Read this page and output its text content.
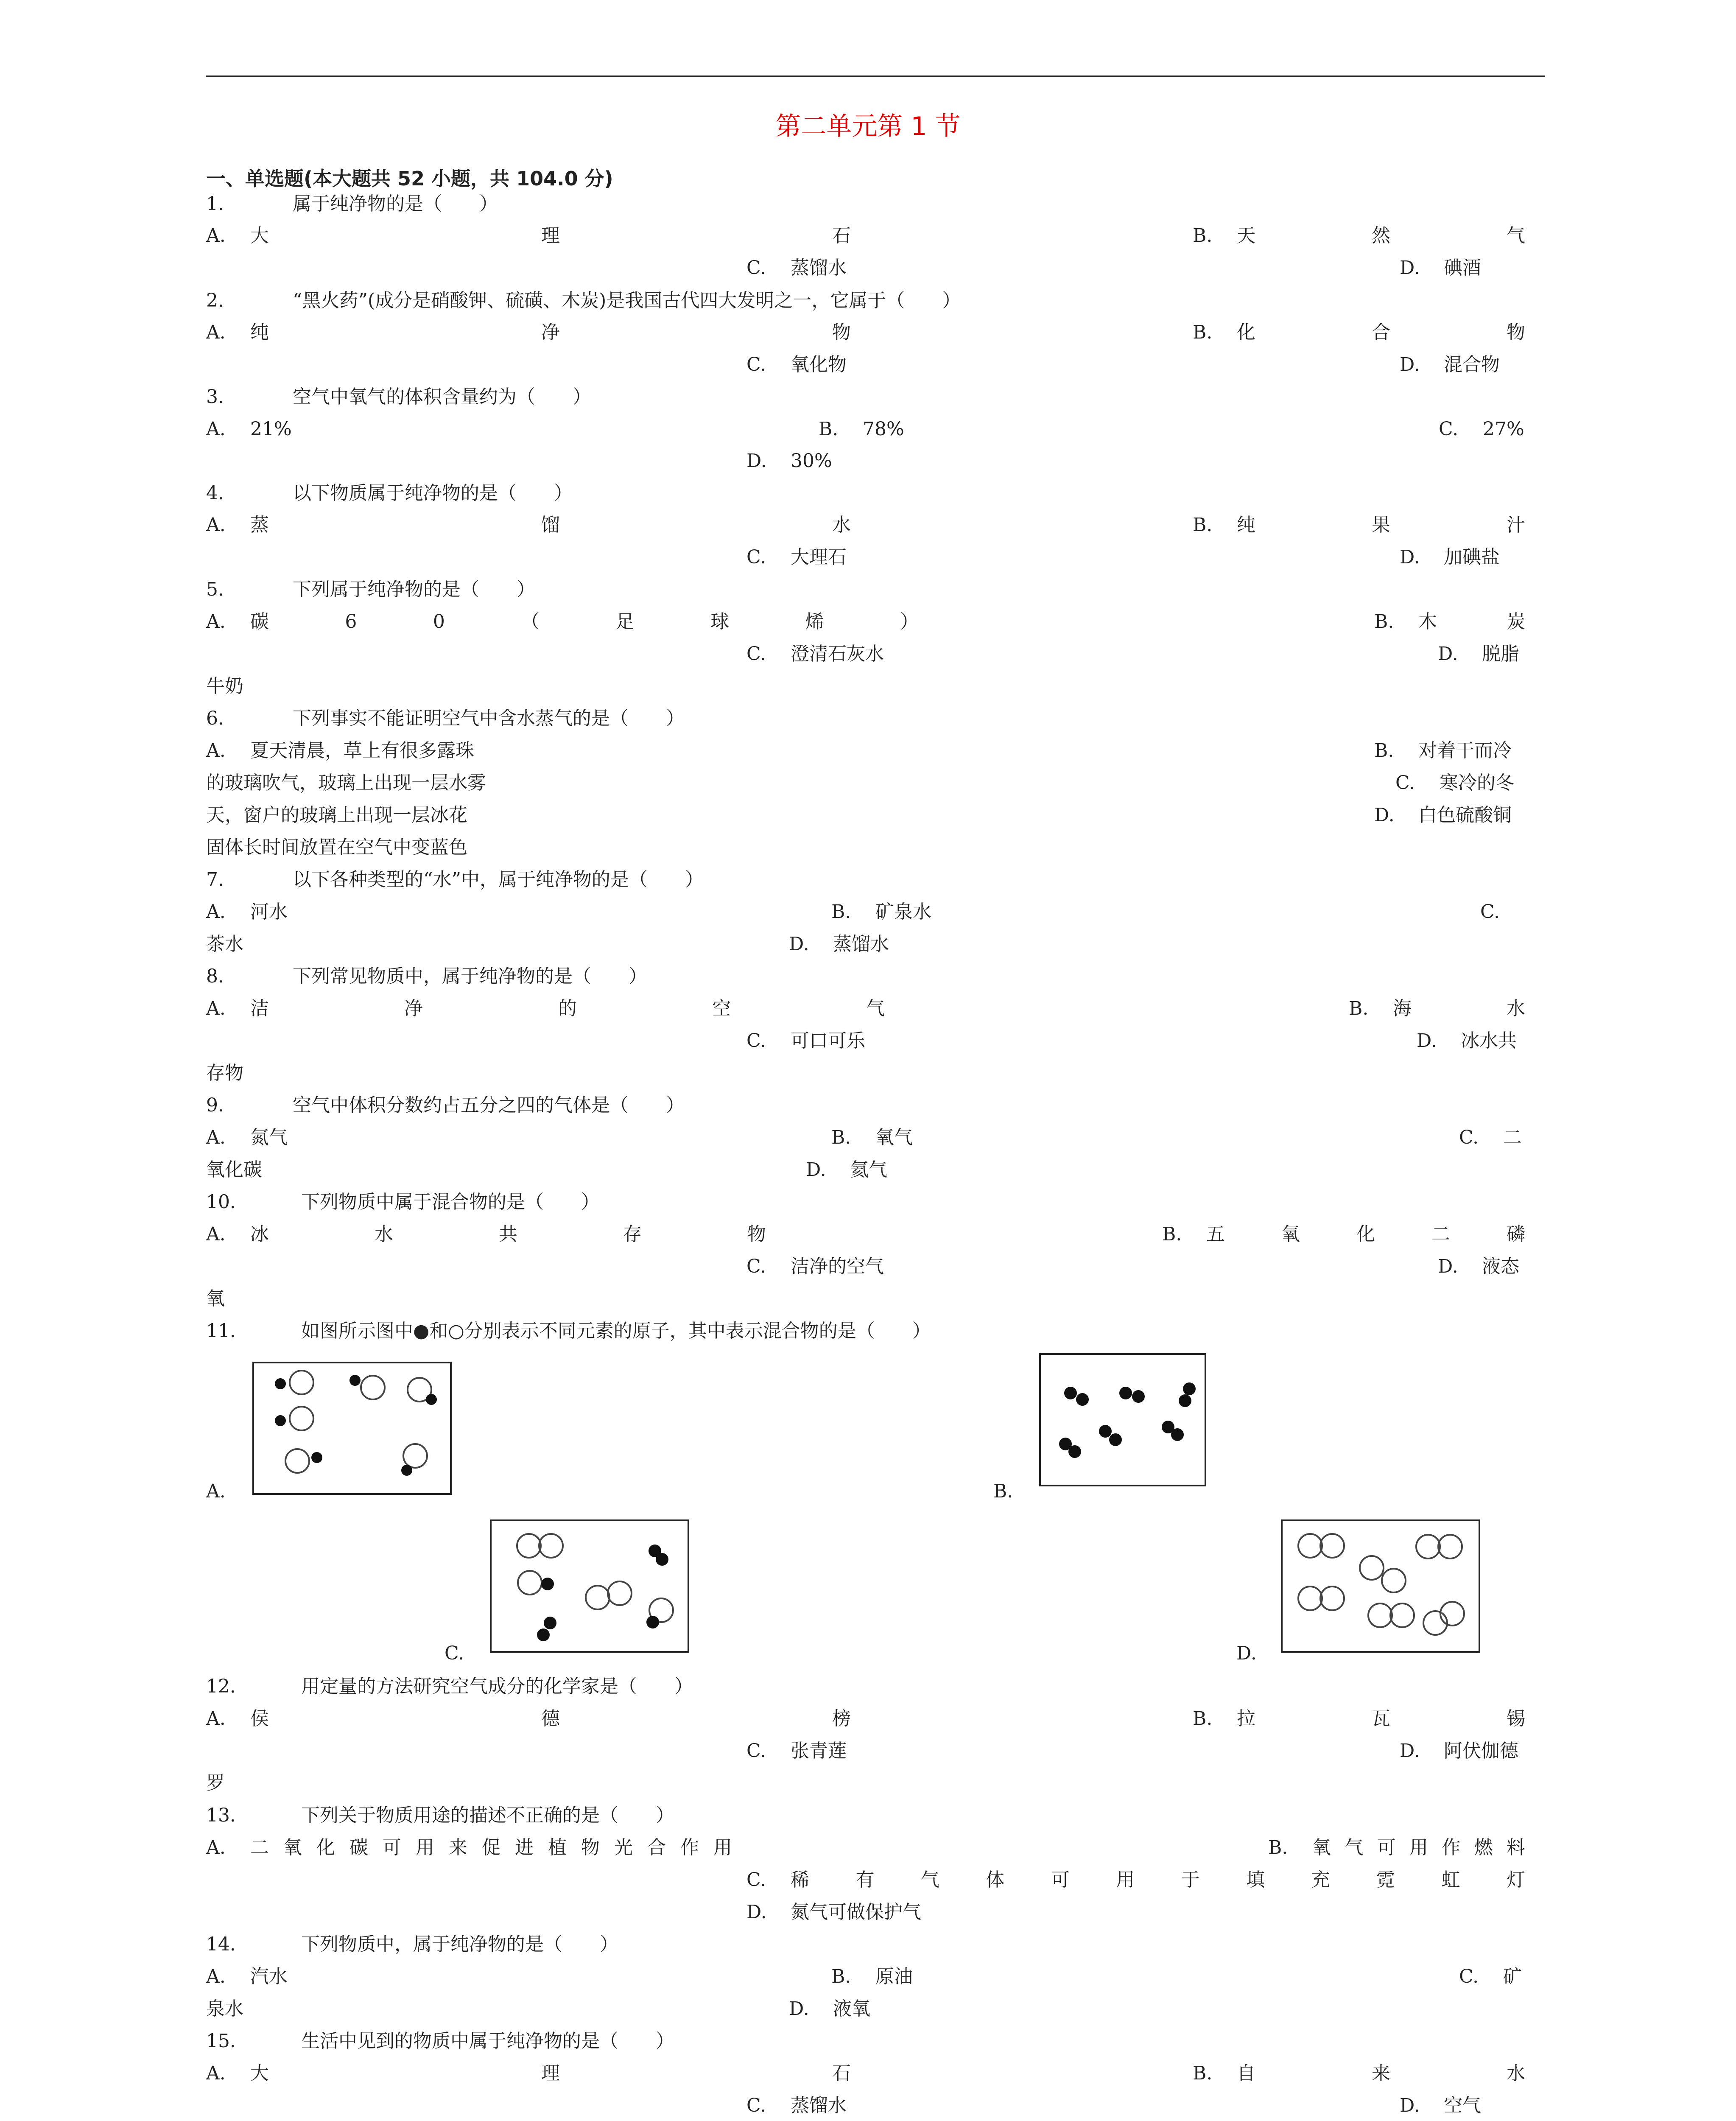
第二单元第 1 节
一、单选题(本大题共 52 小题，共 104.0 分)
1.	属于纯净物的是（　　）
A.	大	理	石	B.	天	然	气
C. 蒸馏水	D. 碘酒
2.	“黑火药”(成分是硝酸钾、硫磺、木炭)是我国古代四大发明之一，它属于（　　）
A.	纯	净	物	B.	化	合	物
C. 氧化物	D. 混合物
3.	空气中氧气的体积含量约为（　　）
A. 21%	B. 78%	C. 27%
D. 30%
4.	以下物质属于纯净物的是（　　）
A.	蒸	馏	水	B.	纯	果	汁
C. 大理石	D. 加碘盐
5.	下列属于纯净物的是（　　）
A.	碳	6	0	（	足	球	烯	）	B.	木	炭
C. 澄清石灰水	D. 脱脂
牛奶
6.	下列事实不能证明空气中含水蒸气的是（　　）
A. 夏天清晨，草上有很多露珠	B. 对着干而冷
的玻璃吹气，玻璃上出现一层水雾	C. 寒冷的冬
天，窗户的玻璃上出现一层冰花	D. 白色硫酸铜
固体长时间放置在空气中变蓝色
7.	以下各种类型的“水”中，属于纯净物的是（　　）
A. 河水	B. 矿泉水	C.
茶水	D. 蒸馏水
8.	下列常见物质中，属于纯净物的是（　　）
A.	洁	净	的	空	气	B.	海	水
C. 可口可乐	D. 冰水共
存物
9.	空气中体积分数约占五分之四的气体是（　　）
A. 氮气	B. 氧气	C.	二
氧化碳	D. 氦气
10.	下列物质中属于混合物的是（　　）
A.	冰	水	共	存	物	B.	五	氧	化	二	磷
C. 洁净的空气	D. 液态
氧
11.	如图所示图中●和○分别表示不同元素的原子，其中表示混合物的是（　　）
12.	用定量的方法研究空气成分的化学家是（　　）
A.	侯	德	榜	B.	拉	瓦	锡
C. 张青莲	D. 阿伏伽德
罗
13.	下列关于物质用途的描述不正确的是（　　）
A.	二 氧 化 碳 可 用 来 促 进 植 物 光 合 作 用	B.	氧 气 可 用 作 燃 料
C.	稀 有 气 体 可 用 于 填 充 霓 虹 灯
D. 氮气可做保护气
14.	下列物质中，属于纯净物的是（　　）
A. 汽水	B. 原油	C.	矿
泉水	D. 液氧
15.	生活中见到的物质中属于纯净物的是（　　）
A.	大	理	石	B.	自	来	水
C. 蒸馏水	D. 空气
A.	B.
C.	D.
